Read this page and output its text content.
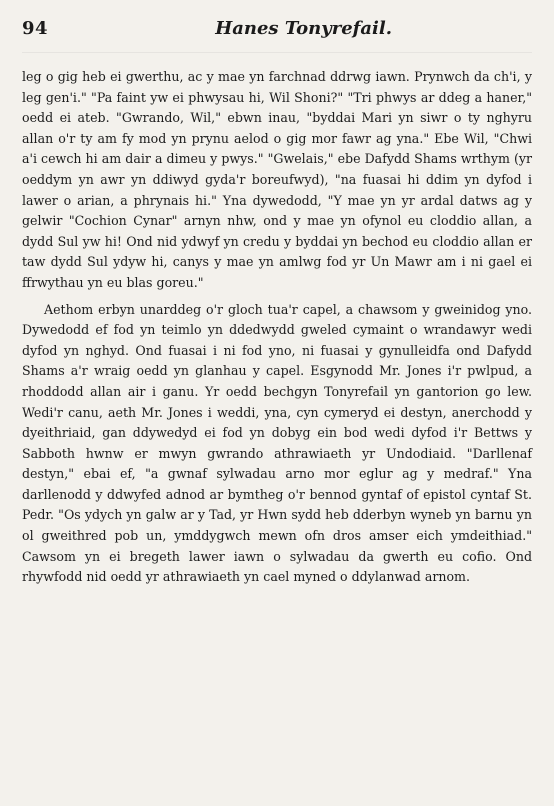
94	Hanes Tonyrefail.

leg o gig heb ei gwerthu, ac y mae yn farchnad ddrwg iawn. Prynwch da ch'i, y leg gen'i." "Pa faint yw ei phwysau hi, Wil Shoni?" "Tri phwys ar ddeg a haner," oedd ei ateb. "Gwrando, Wil," ebwn inau, "byddai Mari yn siwr o ty nghyru allan o'r ty am fy mod yn prynu aelod o gig mor fawr ag yna." Ebe Wil, "Chwi a'i cewch hi am dair a dimeu y pwys." "Gwelais," ebe Dafydd Shams wrthym (yr oeddym yn awr yn ddiwyd gyda'r boreufwyd), "na fuasai hi ddim yn dyfod i lawer o arian, a phrynais hi." Yna dywedodd, "Y mae yn yr ardal datws ag y gelwir "Cochion Cynar" arnyn nhw, ond y mae yn ofynol eu cloddio allan, a dydd Sul yw hi! Ond nid ydwyf yn credu y byddai yn bechod eu cloddio allan er taw dydd Sul ydyw hi, canys y mae yn amlwg fod yr Un Mawr am i ni gael ei ffrwythau yn eu blas goreu."

Aethom erbyn unarddeg o'r gloch tua'r capel, a chawsom y gweinidog yno. Dywedodd ef fod yn teimlo yn ddedwydd gweled cymaint o wrandawyr wedi dyfod yn nghyd. Ond fuasai i ni fod yno, ni fuasai y gynulleidfa ond Dafydd Shams a'r wraig oedd yn glanhau y capel. Esgynodd Mr. Jones i'r pwlpud, a rhoddodd allan air i ganu. Yr oedd bechgyn Tonyrefail yn gantorion go lew. Wedi'r canu, aeth Mr. Jones i weddi, yna, cyn cymeryd ei destyn, anerchodd y dyeithriaid, gan ddywedyd ei fod yn dobyg ein bod wedi dyfod i'r Bettws y Sabboth hwnw er mwyn gwrando athrawiaeth yr Undodiaid. "Darllenaf destyn," ebai ef, "a gwnaf sylwadau arno mor eglur ag y medraf." Yna darllenodd y ddwyfed adnod ar bymtheg o'r bennod gyntaf of epistol cyntaf St. Pedr. "Os ydych yn galw ar y Tad, yr Hwn sydd heb dderbyn wyneb yn barnu yn ol gweithred pob un, ymddygwch mewn ofn dros amser eich ymdeithiad." Cawsom yn ei bregeth lawer iawn o sylwadau da gwerth eu cofio. Ond rhywfodd nid oedd yr athrawiaeth yn cael myned o ddylanwad arnom.
